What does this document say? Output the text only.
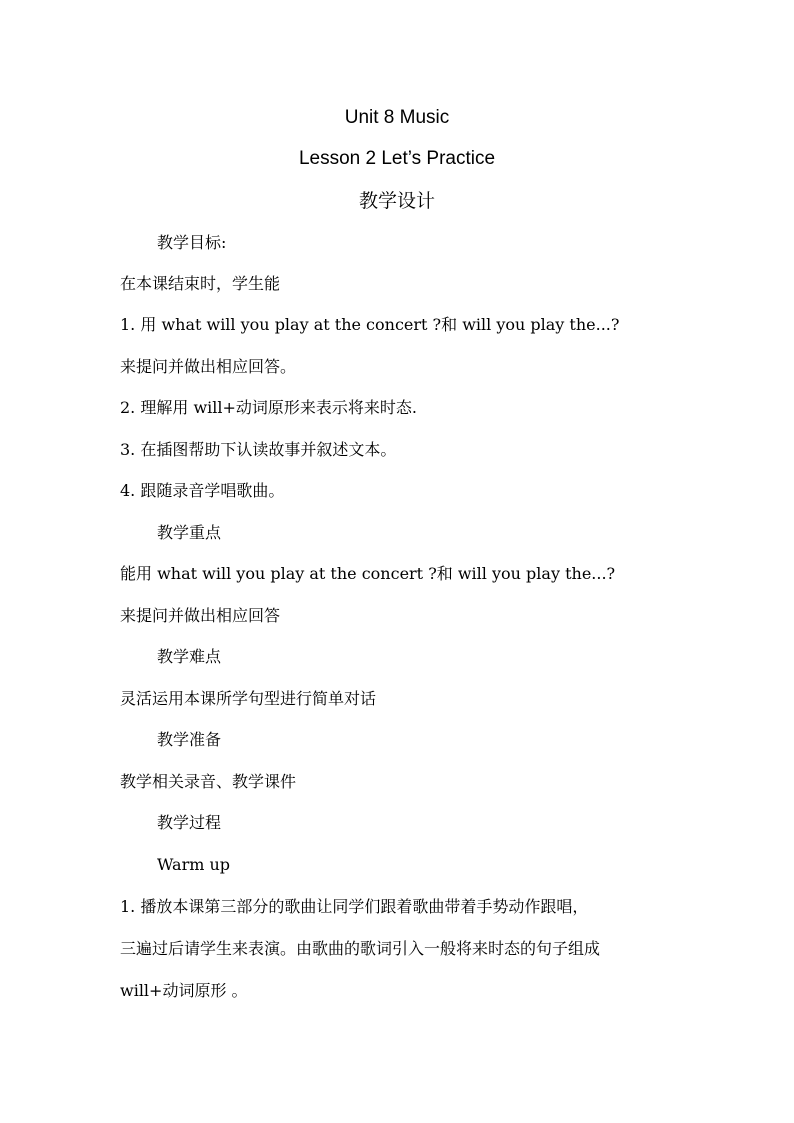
Unit 8 Music
Lesson 2 Let’s Practice
教学设计
教学目标:
在本课结束时，学生能
1. 用 what will you play at the concert ?和 will you play the...?
来提问并做出相应回答。
2. 理解用 will+动词原形来表示将来时态.
3. 在插图帮助下认读故事并叙述文本。
4. 跟随录音学唱歌曲。
教学重点
能用 what will you play at the concert ?和 will you play the...?
来提问并做出相应回答
教学难点
灵活运用本课所学句型进行简单对话
教学准备
教学相关录音、教学课件
教学过程
Warm up
1. 播放本课第三部分的歌曲让同学们跟着歌曲带着手势动作跟唱，
三遍过后请学生来表演。由歌曲的歌词引入一般将来时态的句子组成
will+动词原形 。
